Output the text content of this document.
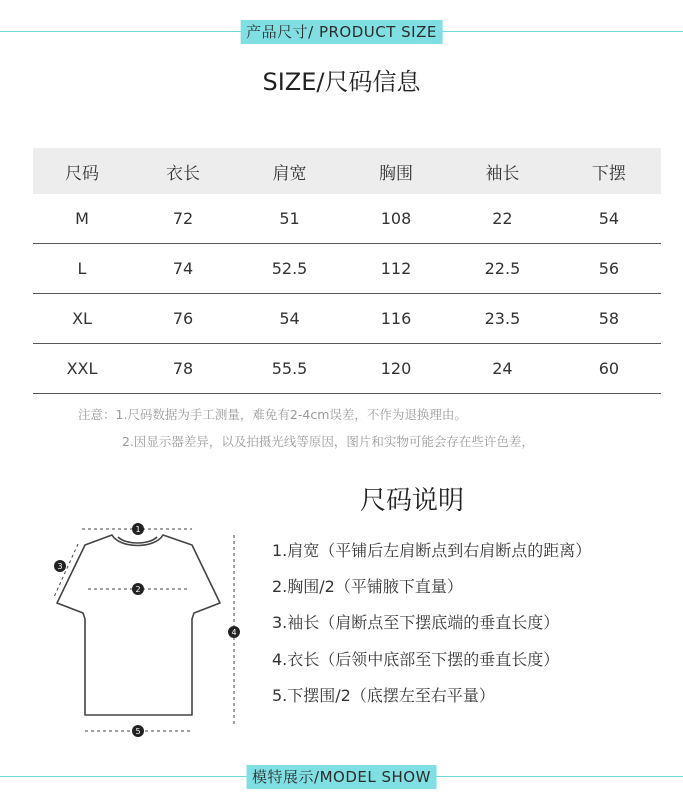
产品尺寸/ PRODUCT SIZE
SIZE/尺码信息
尺码	衣长	肩宽	胸围	袖长	下摆
M	72	51	108	22	54
L	74	52.5	112	22.5	56
XL	76	54	116	23.5	58
XXL	78	55.5	120	24	60
注意：1.尺码数据为手工测量，难免有2-4cm误差，不作为退换理由。
2.因显示器差异，以及拍摄光线等原因，图片和实物可能会存在些许色差，
尺码说明
1.肩宽（平铺后左肩断点到右肩断点的距离）
2.胸围/2（平铺腋下直量）
3.袖长（肩断点至下摆底端的垂直长度）
4.衣长（后领中底部至下摆的垂直长度）
5.下摆围/2（底摆左至右平量）
1
2
3
4
5
模特展示/MODEL SHOW
